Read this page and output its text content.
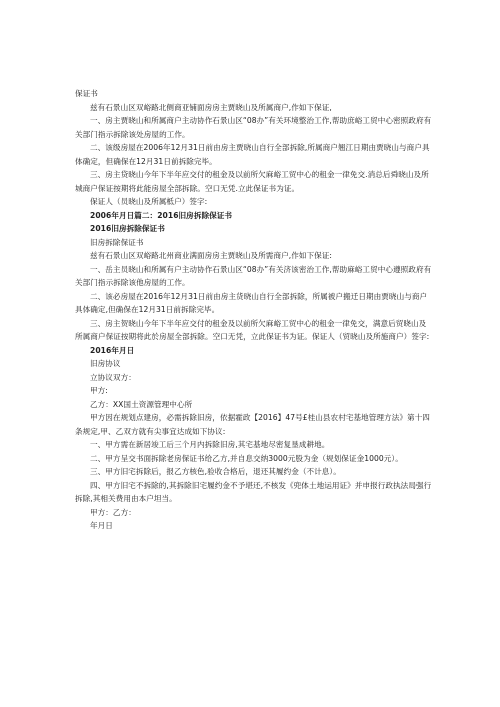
保证书

兹有石景山区双峪路北侧商亚铺面房房主贾晓山及所属商户,作如下保证,

一、房主贾晓山和所属商户主动协作石景山区“08办”有关环境整治工作,帮助庶峪工贸中心密照政府有关部门指示拆除该处房屋的工作。

二、该级房屋在2006年12月31日前由房主贾晓山自行全部拆除,所属商户翘江日期由贾晓山与商户具体确定，但确保在12月31日前拆除完毕。

三、房主贷晓山今年下半年应交付的租金及以前所欠麻峪工贸中心的租金一律免交.消总后舜晓山及所城商户保证按期将此能房屋全部拆除。空口无凭.立此保证书为证。

保证人（员晓山及所属柢户）签字:

2006年月日篇二：2016旧房拆除保证书

2016旧房拆除保证书

旧房拆除保证书

兹有石景山区双峪路北州商业满面房房主贾晓山及所需商户,作如下保证:

一、岳主员晓山和所属有户主动协作石景山区“08办”有关济该密治工作,帮助麻峪工贸中心遵照政府有关部门指示拆除该他房屋的工作。

二、该必房屋在2016年12月31日前由房主货晓山自行全部拆除，所属被户搬迁日期由贾晓山与商户具体确定,但确保在12月31日前拆除完毕。

三、房主贺晓山今年下半年应交付的租金及以前所欠麻峪工贸中心的租金一律免交，满意后贸晓山及所属商户保证按期将此於房屋全部拆除。空口无凭，立此保证书为证。保证人（贸晓山及所施商户）签字:

2016年月日

旧房协议

立协议双方：

甲方:

乙方：XX国土资源管理中心所

甲方因在规划点建房，必需拆除旧房，依据霍政【2016】47号£桂山县农村宅基地管理方法》第十四条规定,甲、乙双方就有尖事宜达成如下协议:

一、甲方需在新居竣工后三个月内拆除旧房,其宅基地尽密复垦成耕地。

二、甲方呈交书面拆除老房保证书给乙方,并自息交纳3000元股为金（规划保证金1000元）。

三、甲方旧宅拆除后，报乙方核色,验收合格后，退还其履约金（不计息）。

四、甲方旧宅不拆除的,其拆除旧宅履约金不予堪还,不核发《兜体土地运用证》并申报行政执法局强行拆除,其相关费用由本户坦当。

甲方：乙方：

年月日
